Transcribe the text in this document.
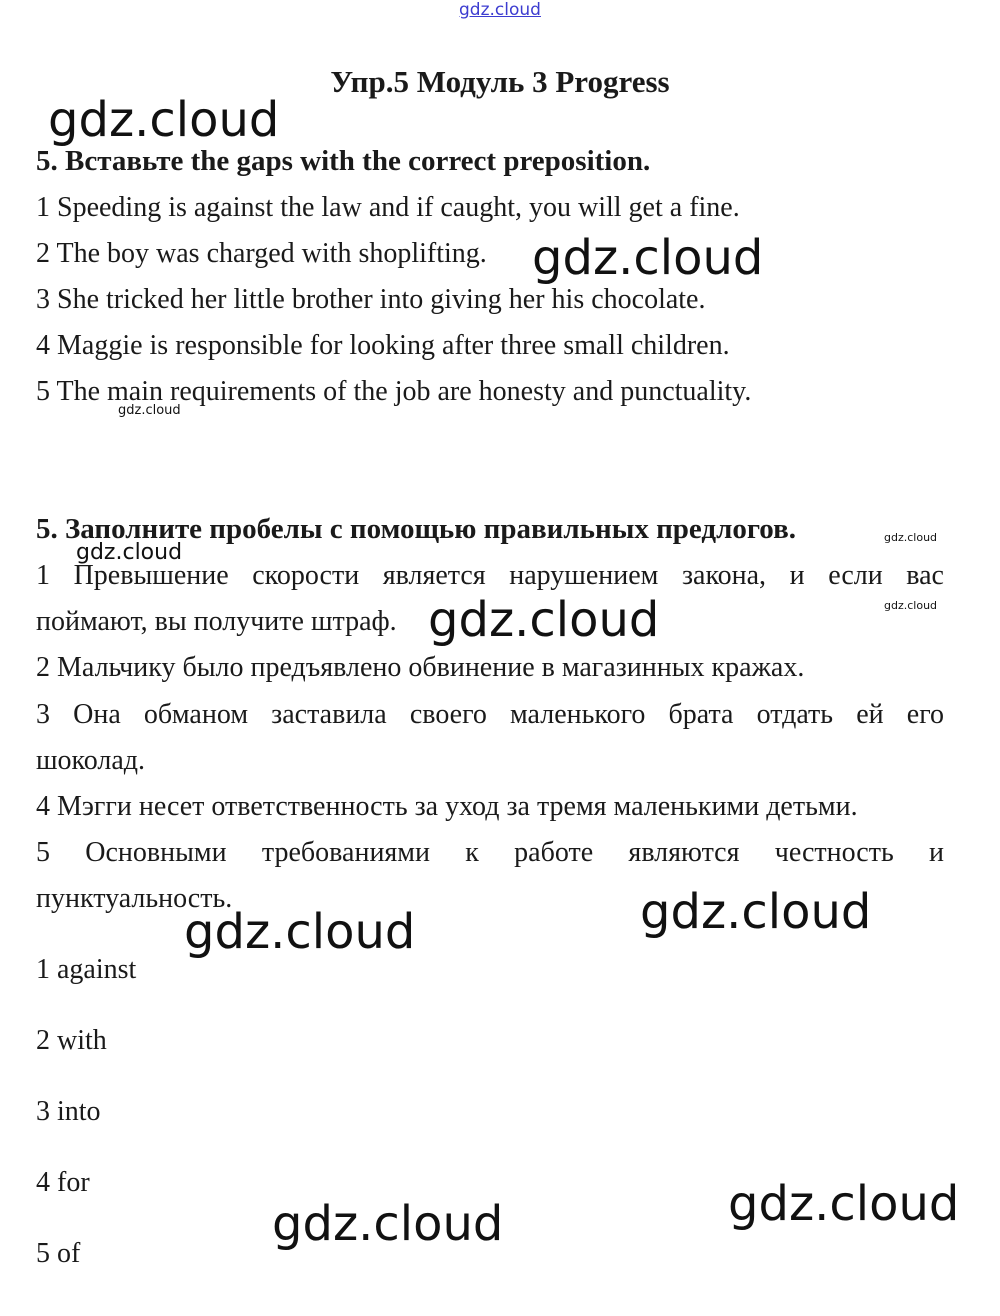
gdz.cloud
Упр.5 Модуль 3 Progress
5. Вставьте the gaps with the correct preposition.
1 Speeding is against the law and if caught, you will get a fine.
2 The boy was charged with shoplifting.
3 She tricked her little brother into giving her his chocolate.
4 Maggie is responsible for looking after three small children.
5 The main requirements of the job are honesty and punctuality.
5. Заполните пробелы с помощью правильных предлогов.
1 Превышение скорости является нарушением закона, и если вас
поймают, вы получите штраф.
2 Мальчику было предъявлено обвинение в магазинных кражах.
3 Она обманом заставила своего маленького брата отдать ей его
шоколад.
4 Мэгги несет ответственность за уход за тремя маленькими детьми.
5 Основными требованиями к работе являются честность и
пунктуальность.
1 against
2 with
3 into
4 for
5 of
gdz.cloud
gdz.cloud
gdz.cloud
gdz.cloud
gdz.cloud
gdz.cloud
gdz.cloud
gdz.cloud
gdz.cloud
gdz.cloud
gdz.cloud
